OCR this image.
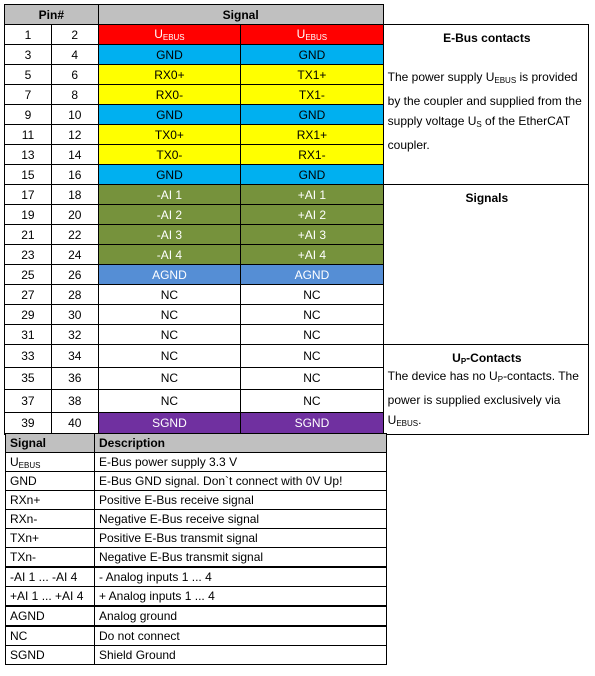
Pin#		Signal		
1	2	$U_{EBUS}$	$U_{EBUS}$	E-Bus contacts
The power supply $U_{EBUS}$ is provided by the coupler and supplied from the supply voltage $U_S$ of the EtherCAT coupler.

3	4	GND	GND	
5	6	RX0+	TX1+	
7	8	RX0-	TX1-	
9	10	GND	GND	
11	12	TX0+	RX1+	
13	14	TX0-	RX1-	
15	16	GND	GND	
17	18	-AI 1	+AI 1	Signals

19	20	-AI 2	+AI 2	
21	22	-AI 3	+AI 3	
23	24	-AI 4	+AI 4	
25	26	AGND	AGND	
27	28	NC	NC	
29	30	NC	NC	
31	32	NC	NC	
33	34	NC	NC	$U_P$-Contacts
The device has no $U_P$-contacts. The power is supplied exclusively via $U_{EBUS}$.

35	36	NC	NC	
37	38	NC	NC	
39	40	SGND	SGND	
Signal	Description
$U_{EBUS}$	E-Bus power supply 3.3 V
GND	E-Bus GND signal. Don`t connect with 0V Up!
RXn+	Positive E-Bus receive signal
RXn-	Negative E-Bus receive signal
TXn+	Positive E-Bus transmit signal
TXn-	Negative E-Bus transmit signal
-AI 1 ... -AI 4	- Analog inputs 1 ... 4
+AI 1 ... +AI 4	+ Analog inputs 1 ... 4
AGND	Analog ground
NC	Do not connect
SGND	Shield Ground
